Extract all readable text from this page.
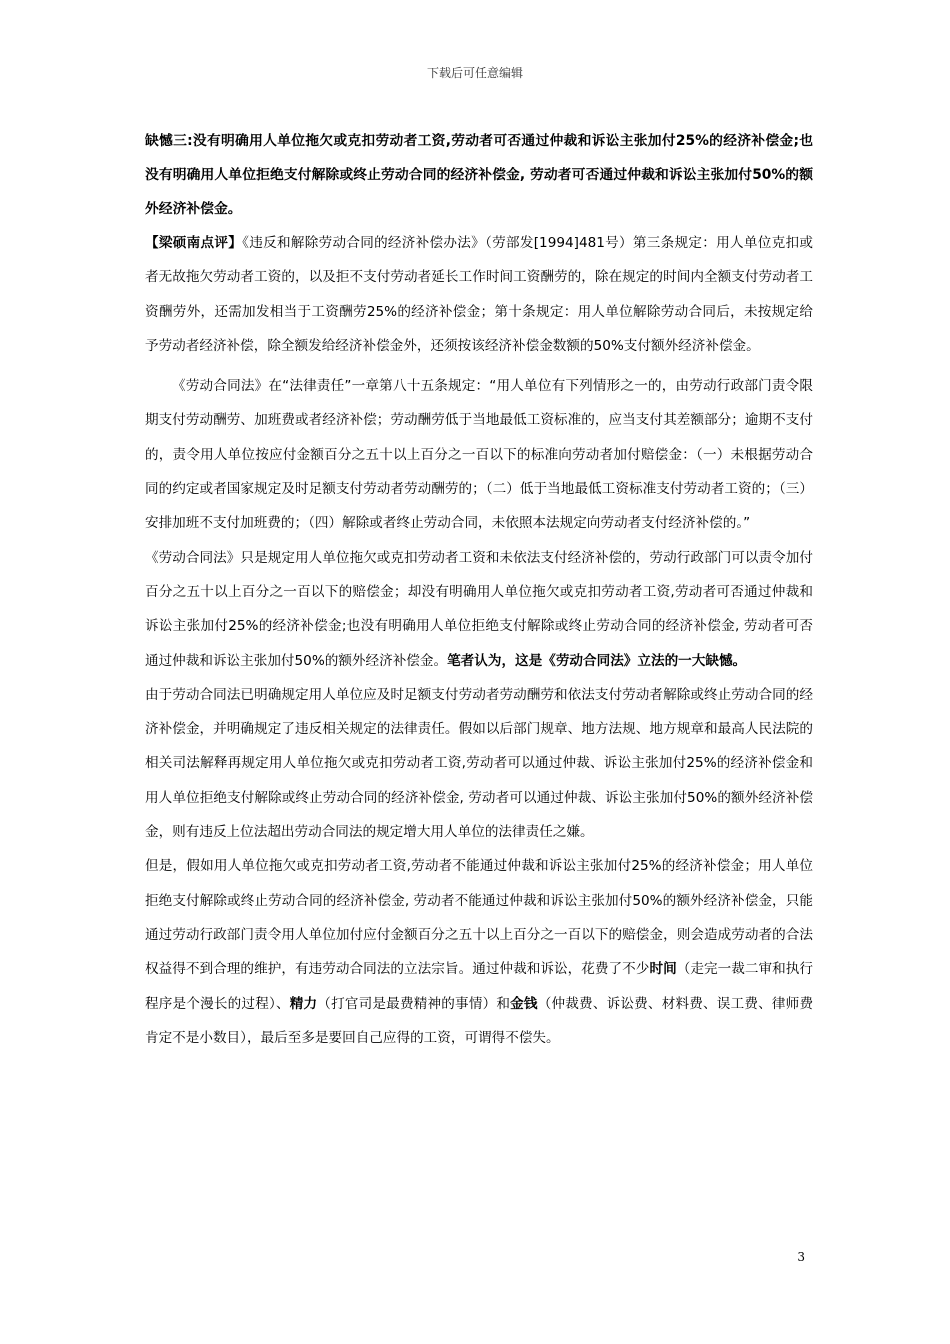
下载后可任意编辑

缺憾三:没有明确用人单位拖欠或克扣劳动者工资,劳动者可否通过仲裁和诉讼主张加付25%的经济补偿金;也没有明确用人单位拒绝支付解除或终止劳动合同的经济补偿金, 劳动者可否通过仲裁和诉讼主张加付50%的额外经济补偿金。

【梁硕南点评】《违反和解除劳动合同的经济补偿办法》（劳部发[1994]481号）第三条规定：用人单位克扣或者无故拖欠劳动者工资的，以及拒不支付劳动者延长工作时间工资酬劳的，除在规定的时间内全额支付劳动者工资酬劳外，还需加发相当于工资酬劳25%的经济补偿金；第十条规定：用人单位解除劳动合同后，未按规定给予劳动者经济补偿，除全额发给经济补偿金外，还须按该经济补偿金数额的50%支付额外经济补偿金。

《劳动合同法》在“法律责任”一章第八十五条规定：“用人单位有下列情形之一的，由劳动行政部门责令限期支付劳动酬劳、加班费或者经济补偿；劳动酬劳低于当地最低工资标准的，应当支付其差额部分；逾期不支付的，责令用人单位按应付金额百分之五十以上百分之一百以下的标准向劳动者加付赔偿金：（一）未根据劳动合同的约定或者国家规定及时足额支付劳动者劳动酬劳的；（二）低于当地最低工资标准支付劳动者工资的；（三）安排加班不支付加班费的；（四）解除或者终止劳动合同，未依照本法规定向劳动者支付经济补偿的。”

《劳动合同法》只是规定用人单位拖欠或克扣劳动者工资和未依法支付经济补偿的，劳动行政部门可以责令加付百分之五十以上百分之一百以下的赔偿金；却没有明确用人单位拖欠或克扣劳动者工资,劳动者可否通过仲裁和诉讼主张加付25%的经济补偿金;也没有明确用人单位拒绝支付解除或终止劳动合同的经济补偿金, 劳动者可否通过仲裁和诉讼主张加付50%的额外经济补偿金。笔者认为，这是《劳动合同法》立法的一大缺憾。

由于劳动合同法已明确规定用人单位应及时足额支付劳动者劳动酬劳和依法支付劳动者解除或终止劳动合同的经济补偿金，并明确规定了违反相关规定的法律责任。假如以后部门规章、地方法规、地方规章和最高人民法院的相关司法解释再规定用人单位拖欠或克扣劳动者工资,劳动者可以通过仲裁、诉讼主张加付25%的经济补偿金和用人单位拒绝支付解除或终止劳动合同的经济补偿金, 劳动者可以通过仲裁、诉讼主张加付50%的额外经济补偿金，则有违反上位法超出劳动合同法的规定增大用人单位的法律责任之嫌。

但是，假如用人单位拖欠或克扣劳动者工资,劳动者不能通过仲裁和诉讼主张加付25%的经济补偿金；用人单位拒绝支付解除或终止劳动合同的经济补偿金, 劳动者不能通过仲裁和诉讼主张加付50%的额外经济补偿金，只能通过劳动行政部门责令用人单位加付应付金额百分之五十以上百分之一百以下的赔偿金，则会造成劳动者的合法权益得不到合理的维护，有违劳动合同法的立法宗旨。通过仲裁和诉讼，花费了不少时间（走完一裁二审和执行程序是个漫长的过程）、精力（打官司是最费精神的事情）和金钱（仲裁费、诉讼费、材料费、误工费、律师费肯定不是小数目），最后至多是要回自己应得的工资，可谓得不偿失。

3
